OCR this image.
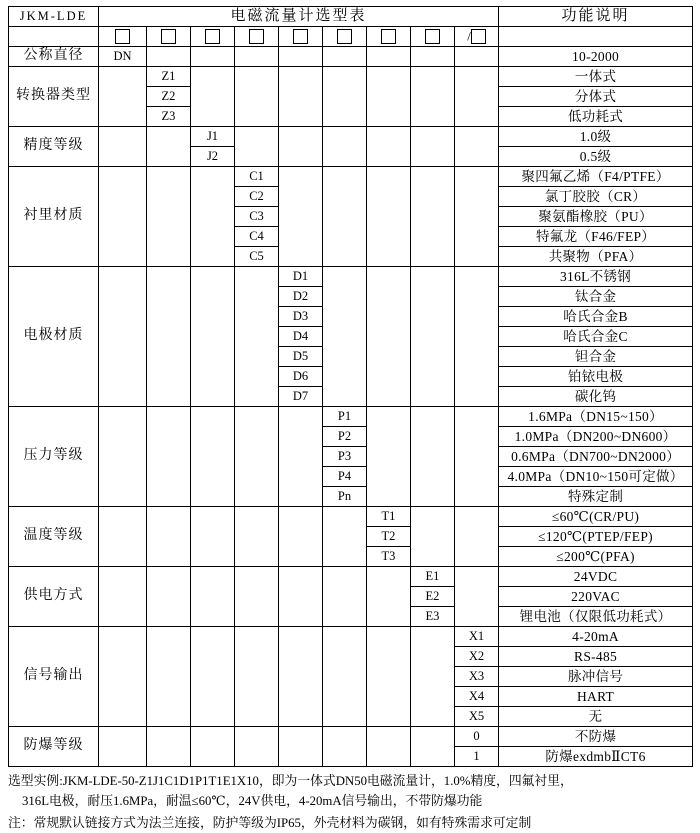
JKM-LDE	电磁流量计选型表									功能说明
									/	
公称直径	DN									10-2000
转换器类型		Z1								一体式
		Z2								分体式
		Z3								低功耗式
精度等级			J1							1.0级
			J2							0.5级
衬里材质				C1						聚四氟乙烯（F4/PTFE）
				C2						氯丁胶胶（CR）
				C3						聚氨酯橡胶（PU）
				C4						特氟龙（F46/FEP）
				C5						共聚物（PFA）
电极材质					D1					316L不锈钢
					D2					钛合金
					D3					哈氏合金B
					D4					哈氏合金C
					D5					钽合金
					D6					铂铱电极
					D7					碳化钨
压力等级						P1				1.6MPa（DN15~150）
						P2				1.0MPa（DN200~DN600）
						P3				0.6MPa（DN700~DN2000）
						P4				4.0MPa（DN10~150可定做）
						Pn				特殊定制
温度等级							T1			≤60℃(CR/PU)
							T2			≤120℃(PTEP/FEP)
							T3			≤200℃(PFA)
供电方式								E1		24VDC
								E2		220VAC
								E3		锂电池（仅限低功耗式）
信号输出									X1	4-20mA
									X2	RS-485
									X3	脉冲信号
									X4	HART
									X5	无
防爆等级									0	不防爆
									1	防爆exdmbⅡCT6
选型实例:JKM-LDE-50-Z1J1C1D1P1T1E1X10，即为一体式DN50电磁流量计，1.0%精度，四氟衬里，
316L电极，耐压1.6MPa，耐温≤60℃，24V供电，4-20mA信号输出，不带防爆功能
注：常规默认链接方式为法兰连接，防护等级为IP65，外壳材料为碳钢，如有特殊需求可定制
